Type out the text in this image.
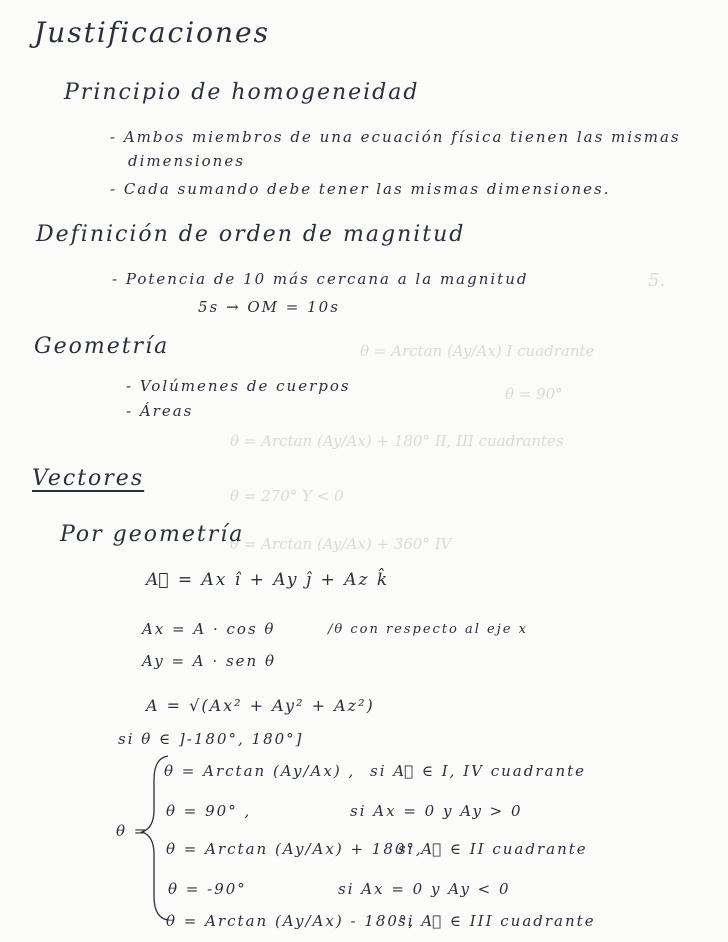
5.
θ = Arctan (Ay/Ax) I cuadrante
θ = 90°
θ = Arctan (Ay/Ax) + 180° II, III cuadrantes
θ = 270° Y < 0
θ = Arctan (Ay/Ax) + 360° IV
Justificaciones
Principio de homogeneidad
- Ambos miembros de una ecuación física tienen las mismas
dimensiones
- Cada sumando debe tener las mismas dimensiones.
Definición de orden de magnitud
- Potencia de 10 más cercana a la magnitud
5s → OM = 10s
Geometría
- Volúmenes de cuerpos
- Áreas
Vectores
Por geometría
A⃗ = Ax î + Ay ĵ + Az k̂
Ax = A · cos θ	/θ con respecto al eje x
Ay = A · sen θ
A = √(Ax² + Ay² + Az²)
si θ ∈ ]-180°, 180°]
θ =
θ = Arctan (Ay/Ax) , si A⃗ ∈ I, IV cuadrante
θ = 90° ,	si Ax = 0 y Ay > 0
θ = Arctan (Ay/Ax) + 180°,
si A⃗ ∈ II cuadrante
θ = -90°	si Ax = 0 y Ay < 0
θ = Arctan (Ay/Ax) - 180°,
si A⃗ ∈ III cuadrante
